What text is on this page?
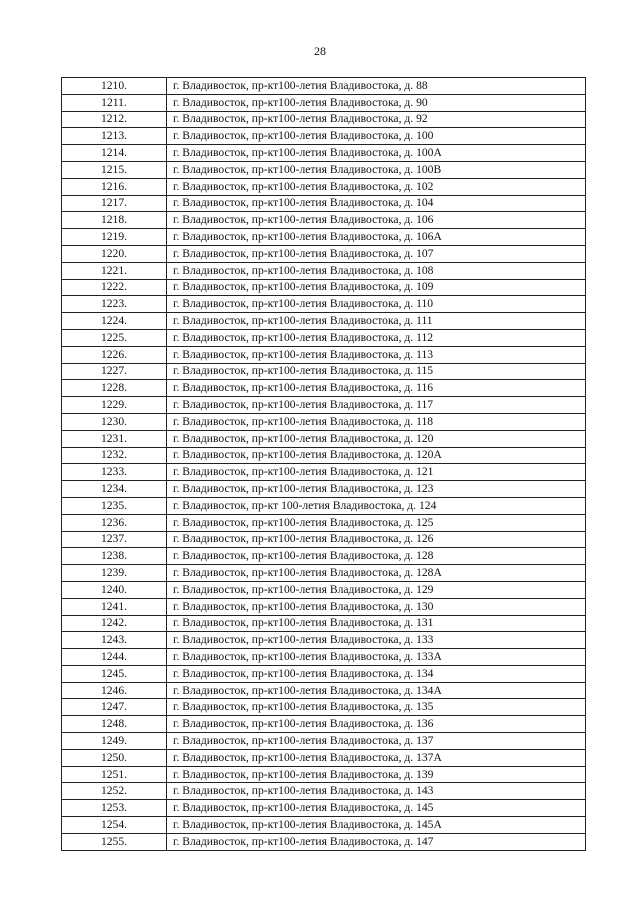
28
1210.	г. Владивосток, пр-кт100-летия Владивостока, д. 88
1211.	г. Владивосток, пр-кт100-летия Владивостока, д. 90
1212.	г. Владивосток, пр-кт100-летия Владивостока, д. 92
1213.	г. Владивосток, пр-кт100-летия Владивостока, д. 100
1214.	г. Владивосток, пр-кт100-летия Владивостока, д. 100А
1215.	г. Владивосток, пр-кт100-летия Владивостока, д. 100В
1216.	г. Владивосток, пр-кт100-летия Владивостока, д. 102
1217.	г. Владивосток, пр-кт100-летия Владивостока, д. 104
1218.	г. Владивосток, пр-кт100-летия Владивостока, д. 106
1219.	г. Владивосток, пр-кт100-летия Владивостока, д. 106А
1220.	г. Владивосток, пр-кт100-летия Владивостока, д. 107
1221.	г. Владивосток, пр-кт100-летия Владивостока, д. 108
1222.	г. Владивосток, пр-кт100-летия Владивостока, д. 109
1223.	г. Владивосток, пр-кт100-летия Владивостока, д. 110
1224.	г. Владивосток, пр-кт100-летия Владивостока, д. 111
1225.	г. Владивосток, пр-кт100-летия Владивостока, д. 112
1226.	г. Владивосток, пр-кт100-летия Владивостока, д. 113
1227.	г. Владивосток, пр-кт100-летия Владивостока, д. 115
1228.	г. Владивосток, пр-кт100-летия Владивостока, д. 116
1229.	г. Владивосток, пр-кт100-летия Владивостока, д. 117
1230.	г. Владивосток, пр-кт100-летия Владивостока, д. 118
1231.	г. Владивосток, пр-кт100-летия Владивостока, д. 120
1232.	г. Владивосток, пр-кт100-летия Владивостока, д. 120А
1233.	г. Владивосток, пр-кт100-летия Владивостока, д. 121
1234.	г. Владивосток, пр-кт100-летия Владивостока, д. 123
1235.	г. Владивосток, пр-кт 100-летия Владивостока, д. 124
1236.	г. Владивосток, пр-кт100-летия Владивостока, д. 125
1237.	г. Владивосток, пр-кт100-летия Владивостока, д. 126
1238.	г. Владивосток, пр-кт100-летия Владивостока, д. 128
1239.	г. Владивосток, пр-кт100-летия Владивостока, д. 128А
1240.	г. Владивосток, пр-кт100-летия Владивостока, д. 129
1241.	г. Владивосток, пр-кт100-летия Владивостока, д. 130
1242.	г. Владивосток, пр-кт100-летия Владивостока, д. 131
1243.	г. Владивосток, пр-кт100-летия Владивостока, д. 133
1244.	г. Владивосток, пр-кт100-летия Владивостока, д. 133А
1245.	г. Владивосток, пр-кт100-летия Владивостока, д. 134
1246.	г. Владивосток, пр-кт100-летия Владивостока, д. 134А
1247.	г. Владивосток, пр-кт100-летия Владивостока, д. 135
1248.	г. Владивосток, пр-кт100-летия Владивостока, д. 136
1249.	г. Владивосток, пр-кт100-летия Владивостока, д. 137
1250.	г. Владивосток, пр-кт100-летия Владивостока, д. 137А
1251.	г. Владивосток, пр-кт100-летия Владивостока, д. 139
1252.	г. Владивосток, пр-кт100-летия Владивостока, д. 143
1253.	г. Владивосток, пр-кт100-летия Владивостока, д. 145
1254.	г. Владивосток, пр-кт100-летия Владивостока, д. 145А
1255.	г. Владивосток, пр-кт100-летия Владивостока, д. 147
